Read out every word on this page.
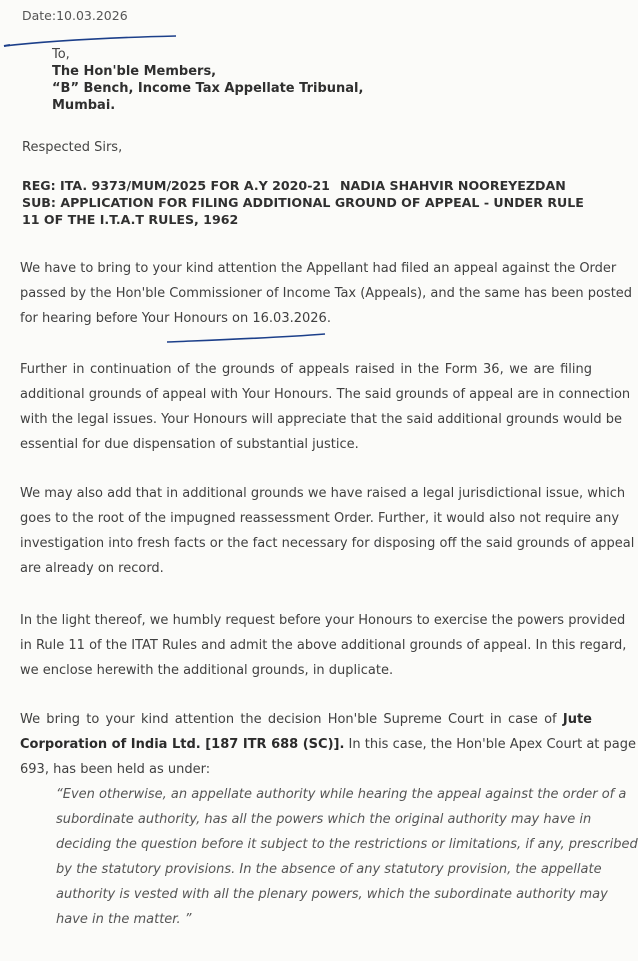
Date:10.03.2026
To,
The Hon'ble Members,
“B” Bench, Income Tax Appellate Tribunal,
Mumbai.
Respected Sirs,
REG: ITA. 9373/MUM/2025 FOR A.Y 2020-21 NADIA SHAHVIR NOOREYEZDAN
SUB: APPLICATION FOR FILING ADDITIONAL GROUND OF APPEAL - UNDER RULE
11 OF THE I.T.A.T RULES, 1962
We have to bring to your kind attention the Appellant had filed an appeal against the Order
passed by the Hon'ble Commissioner of Income Tax (Appeals), and the same has been posted
for hearing before Your Honours on 16.03.2026.
Further in continuation of the grounds of appeals raised in the Form 36, we are filing
additional grounds of appeal with Your Honours. The said grounds of appeal are in connection
with the legal issues. Your Honours will appreciate that the said additional grounds would be
essential for due dispensation of substantial justice.
We may also add that in additional grounds we have raised a legal jurisdictional issue, which
goes to the root of the impugned reassessment Order. Further, it would also not require any
investigation into fresh facts or the fact necessary for disposing off the said grounds of appeal
are already on record.
In the light thereof, we humbly request before your Honours to exercise the powers provided
in Rule 11 of the ITAT Rules and admit the above additional grounds of appeal. In this regard,
we enclose herewith the additional grounds, in duplicate.
We bring to your kind attention the decision Hon'ble Supreme Court in case of Jute
Corporation of India Ltd. [187 ITR 688 (SC)]. In this case, the Hon'ble Apex Court at page
693, has been held as under:
“Even otherwise, an appellate authority while hearing the appeal against the order of a
subordinate authority, has all the powers which the original authority may have in
deciding the question before it subject to the restrictions or limitations, if any, prescribed
by the statutory provisions. In the absence of any statutory provision, the appellate
authority is vested with all the plenary powers, which the subordinate authority may
have in the matter. ”
